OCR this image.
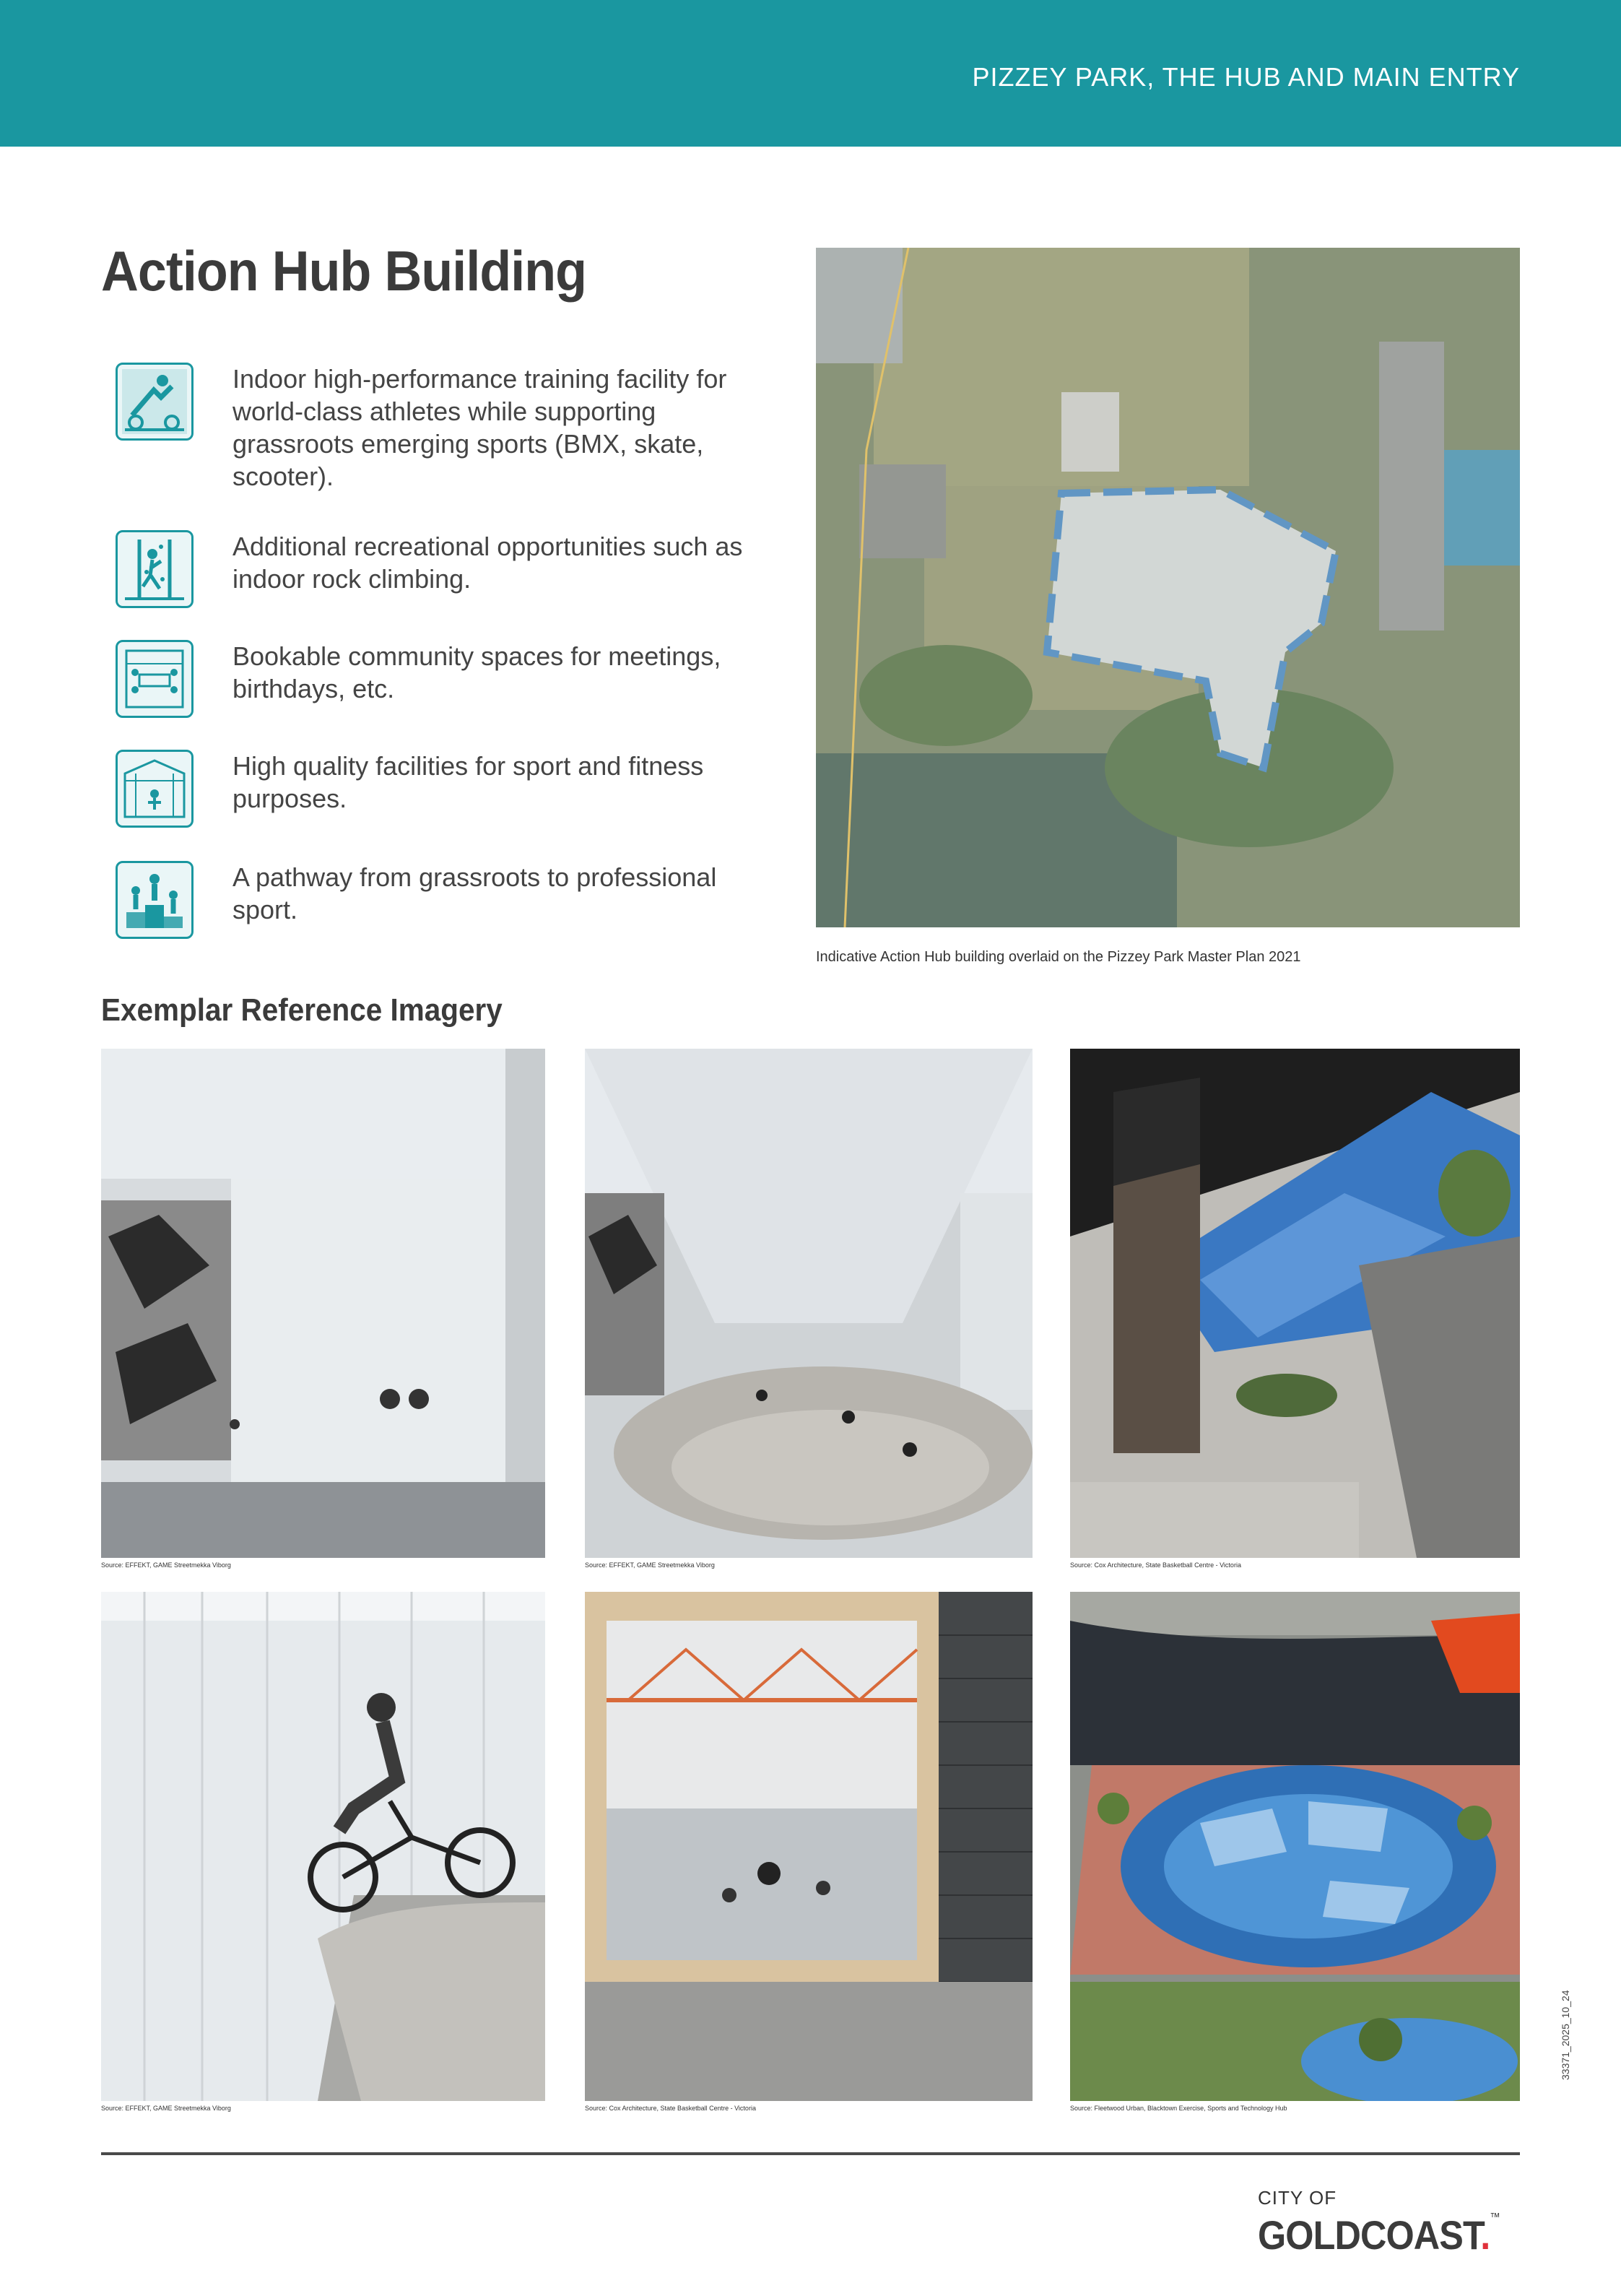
PIZZEY PARK, THE HUB AND MAIN ENTRY
Action Hub Building
Indoor high-performance training facility for world-class athletes while supporting grassroots emerging sports (BMX, skate, scooter).
Additional recreational opportunities such as indoor rock climbing.
Bookable community spaces for meetings, birthdays, etc.
High quality facilities for sport and fitness purposes.
A pathway from grassroots to professional sport.
Indicative Action Hub building overlaid on the Pizzey Park Master Plan 2021
Exemplar Reference Imagery
Source: EFFEKT, GAME Streetmekka Viborg	Source: EFFEKT, GAME Streetmekka Viborg	Source: Cox Architecture, State Basketball Centre - Victoria
Source: EFFEKT, GAME Streetmekka Viborg	Source: Cox Architecture, State Basketball Centre - Victoria	Source: Fleetwood Urban, Blacktown Exercise, Sports and Technology Hub
33371_2025_10_24
CITY OF
GOLDCOAST.™
